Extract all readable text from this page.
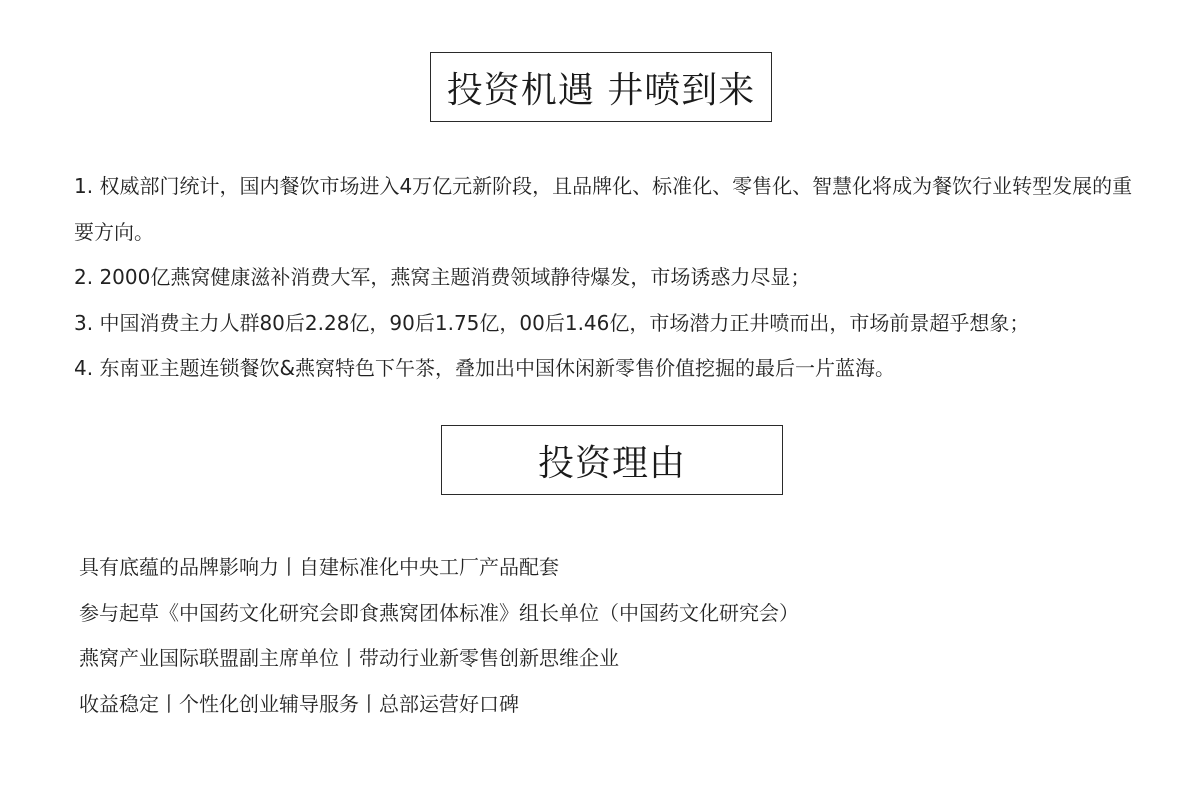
投资机遇 井喷到来
1. 权威部门统计，国内餐饮市场进入4万亿元新阶段，且品牌化、标准化、零售化、智慧化将成为餐饮行业转型发展的重要方向。
2. 2000亿燕窝健康滋补消费大军，燕窝主题消费领域静待爆发，市场诱惑力尽显；
3. 中国消费主力人群80后2.28亿，90后1.75亿，00后1.46亿，市场潜力正井喷而出，市场前景超乎想象；
4. 东南亚主题连锁餐饮&燕窝特色下午茶，叠加出中国休闲新零售价值挖掘的最后一片蓝海。
投资理由
具有底蕴的品牌影响力丨自建标准化中央工厂产品配套
参与起草《中国药文化研究会即食燕窝团体标准》组长单位（中国药文化研究会）
燕窝产业国际联盟副主席单位丨带动行业新零售创新思维企业
收益稳定丨个性化创业辅导服务丨总部运营好口碑
